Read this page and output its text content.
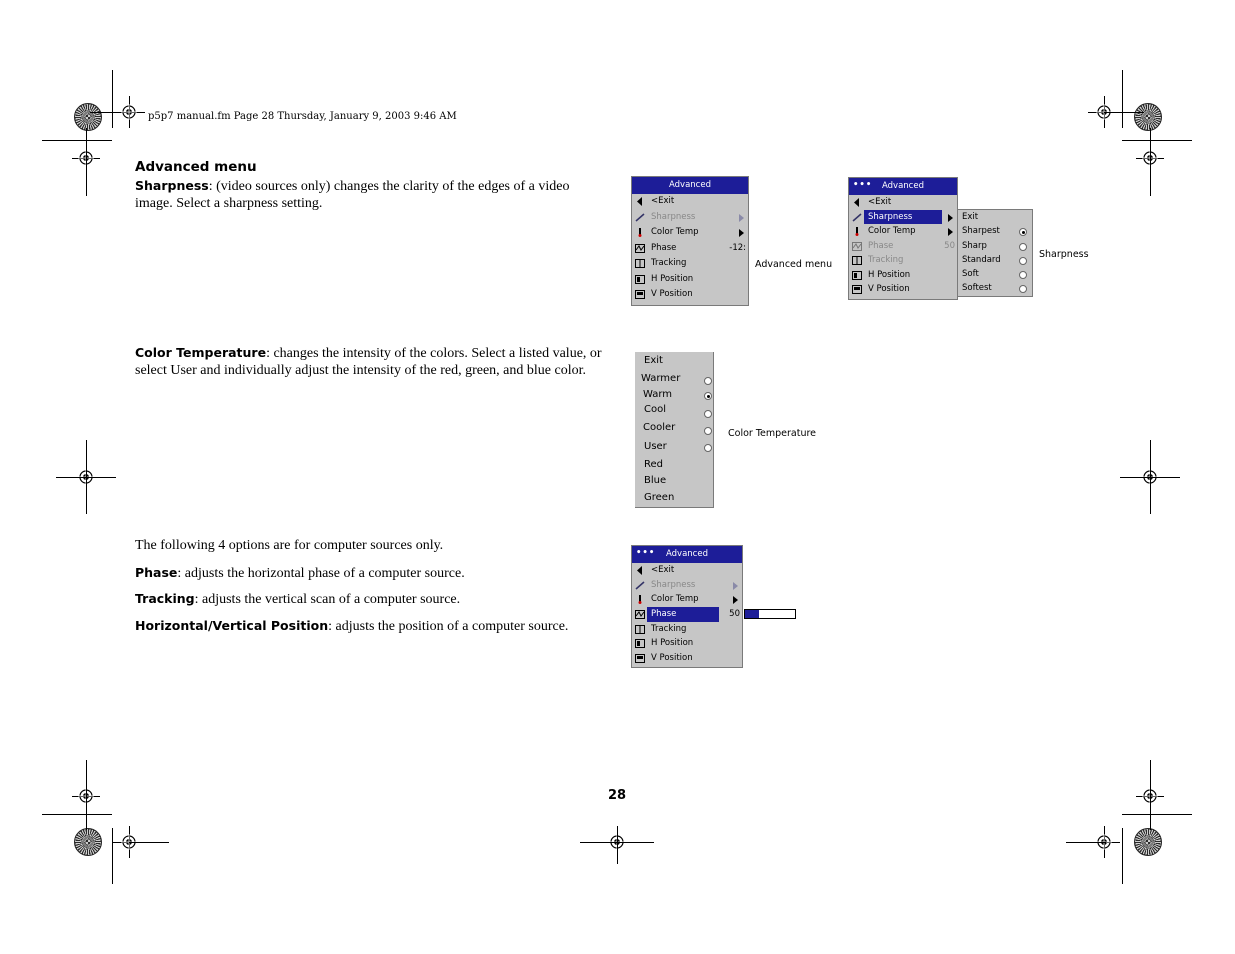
p5p7 manual.fm Page 28 Thursday, January 9, 2003 9:46 AM
Advanced menu
Sharpness: (video sources only) changes the clarity of the edges of a video image. Select a sharpness setting.
Color Temperature: changes the intensity of the colors. Select a listed value, or select User and individually adjust the intensity of the red, green, and blue color.
The following 4 options are for computer sources only.
Phase: adjusts the horizontal phase of a computer source.
Tracking: adjusts the vertical scan of a computer source.
Horizontal/Vertical Position: adjusts the position of a computer source.
Advanced
<Exit
Sharpness
Color Temp
Phase	-12:
Tracking
H Position
V Position
Advanced menu
••• Advanced
<Exit
Sharpness
Color Temp
Phase	50
Tracking
H Position
V Position
Exit
Sharpest
Sharp
Standard
Soft
Softest
Sharpness
Exit
Warmer
Warm
Cool
Cooler
User
Red
Blue
Green
Color Temperature
••• Advanced
<Exit
Sharpness
Color Temp
Phase	50
Tracking
H Position
V Position
28
